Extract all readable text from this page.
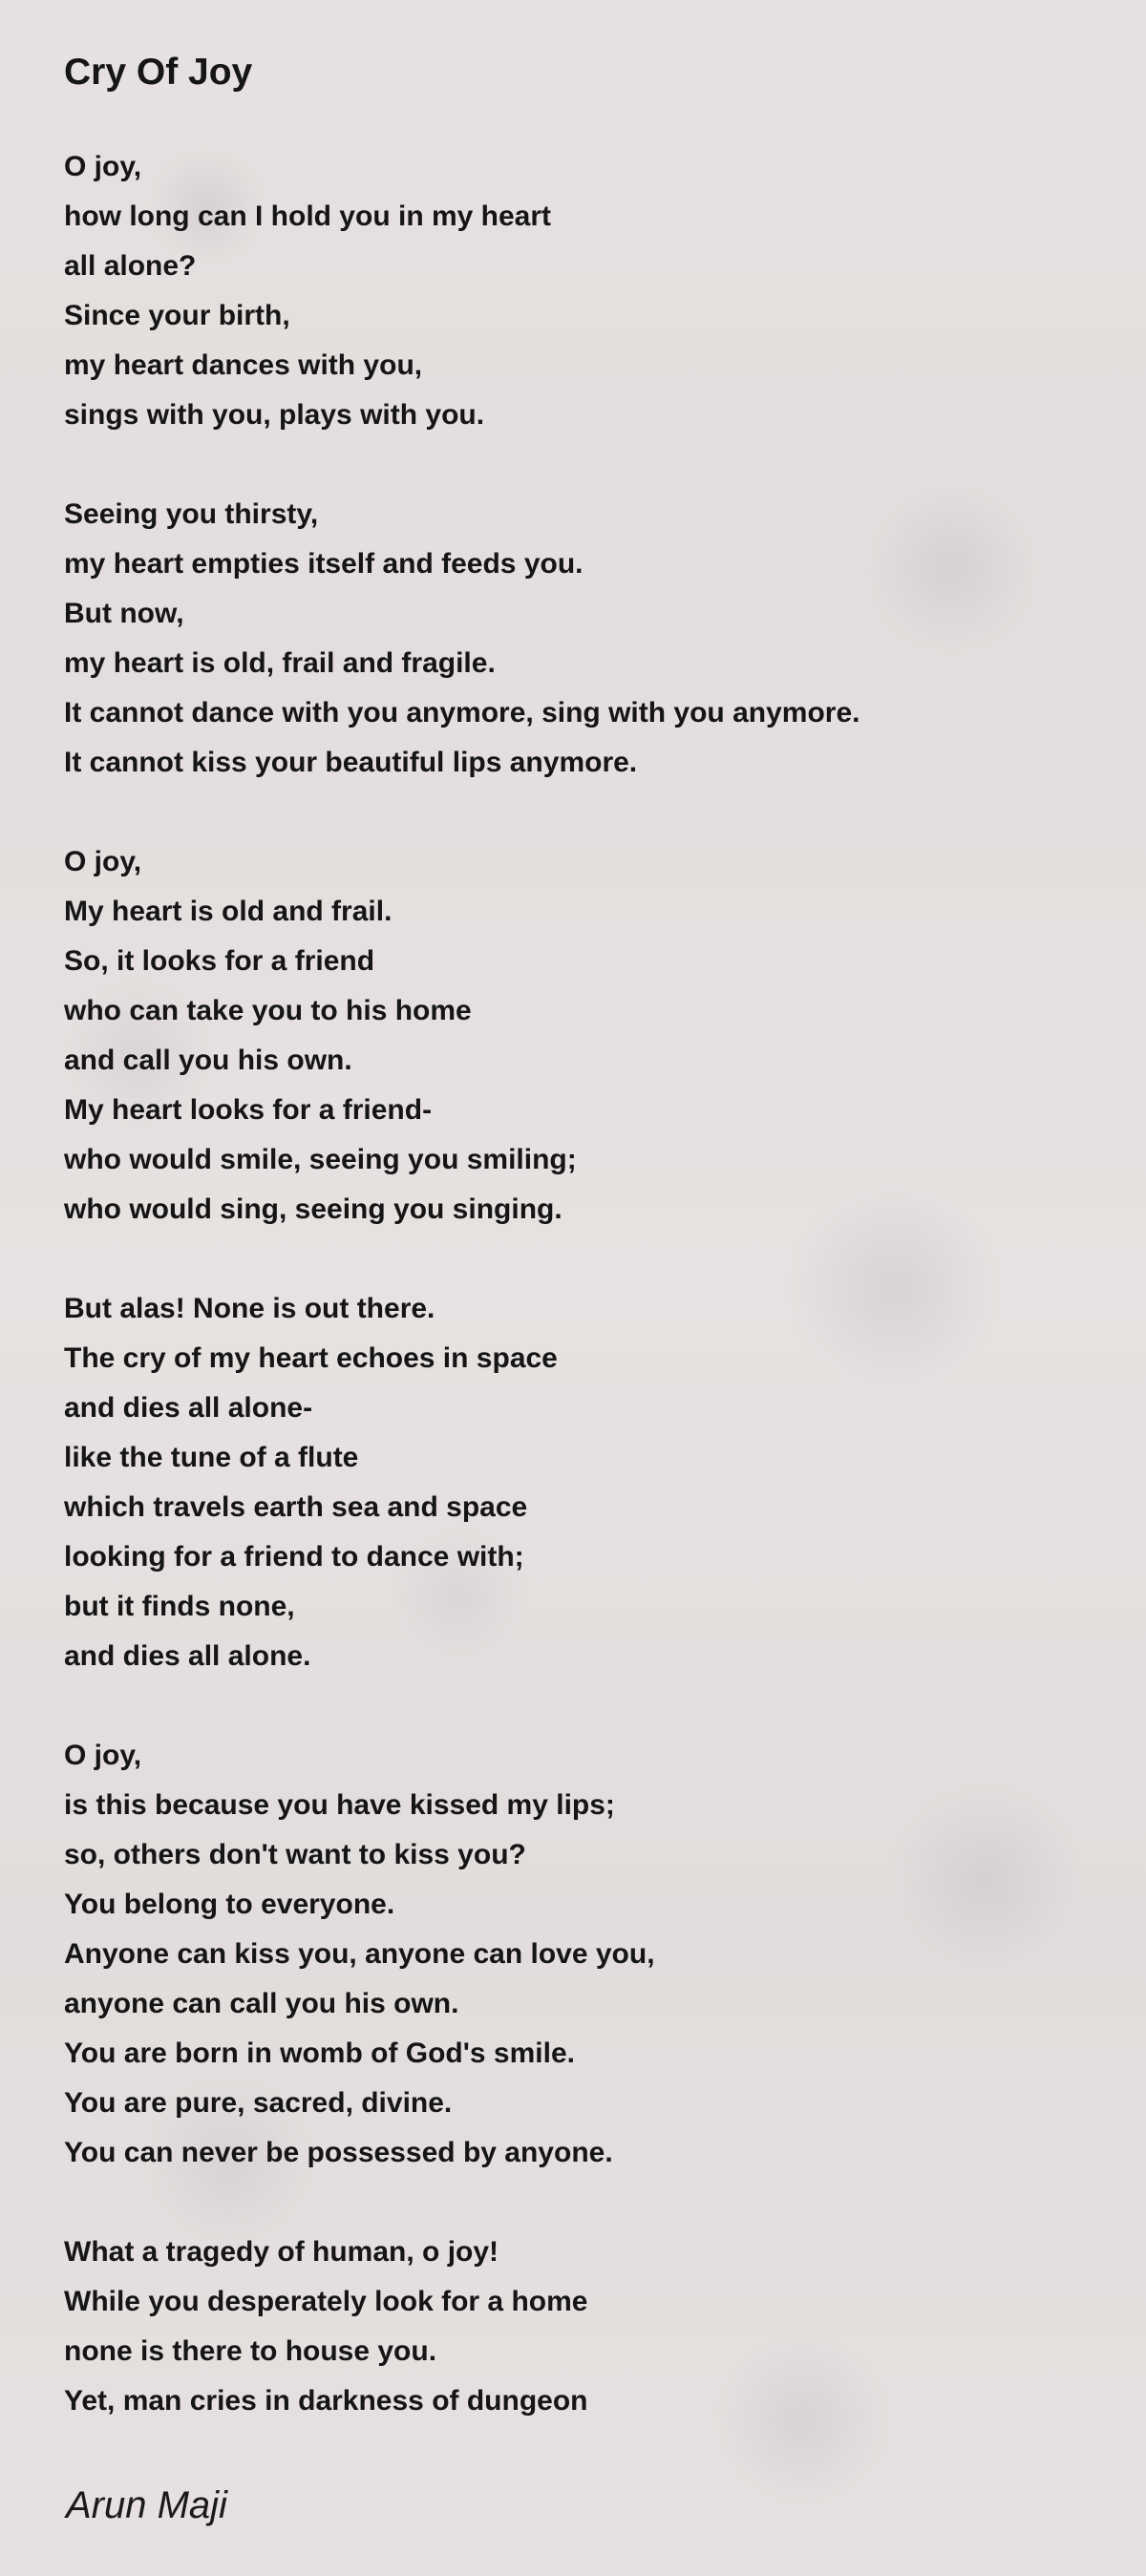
Cry Of Joy
O joy,
how long can I hold you in my heart
all alone?
Since your birth,
my heart dances with you,
sings with you, plays with you.
Seeing you thirsty,
my heart empties itself and feeds you.
But now,
my heart is old, frail and fragile.
It cannot dance with you anymore, sing with you anymore.
It cannot kiss your beautiful lips anymore.
O joy,
My heart is old and frail.
So, it looks for a friend
who can take you to his home
and call you his own.
My heart looks for a friend-
who would smile, seeing you smiling;
who would sing, seeing you singing.
But alas! None is out there.
The cry of my heart echoes in space
and dies all alone-
like the tune of a flute
which travels earth sea and space
looking for a friend to dance with;
but it finds none,
and dies all alone.
O joy,
is this because you have kissed my lips;
so, others don't want to kiss you?
You belong to everyone.
Anyone can kiss you, anyone can love you,
anyone can call you his own.
You are born in womb of God's smile.
You are pure, sacred, divine.
You can never be possessed by anyone.
What a tragedy of human, o joy!
While you desperately look for a home
none is there to house you.
Yet, man cries in darkness of dungeon

Arun Maji
